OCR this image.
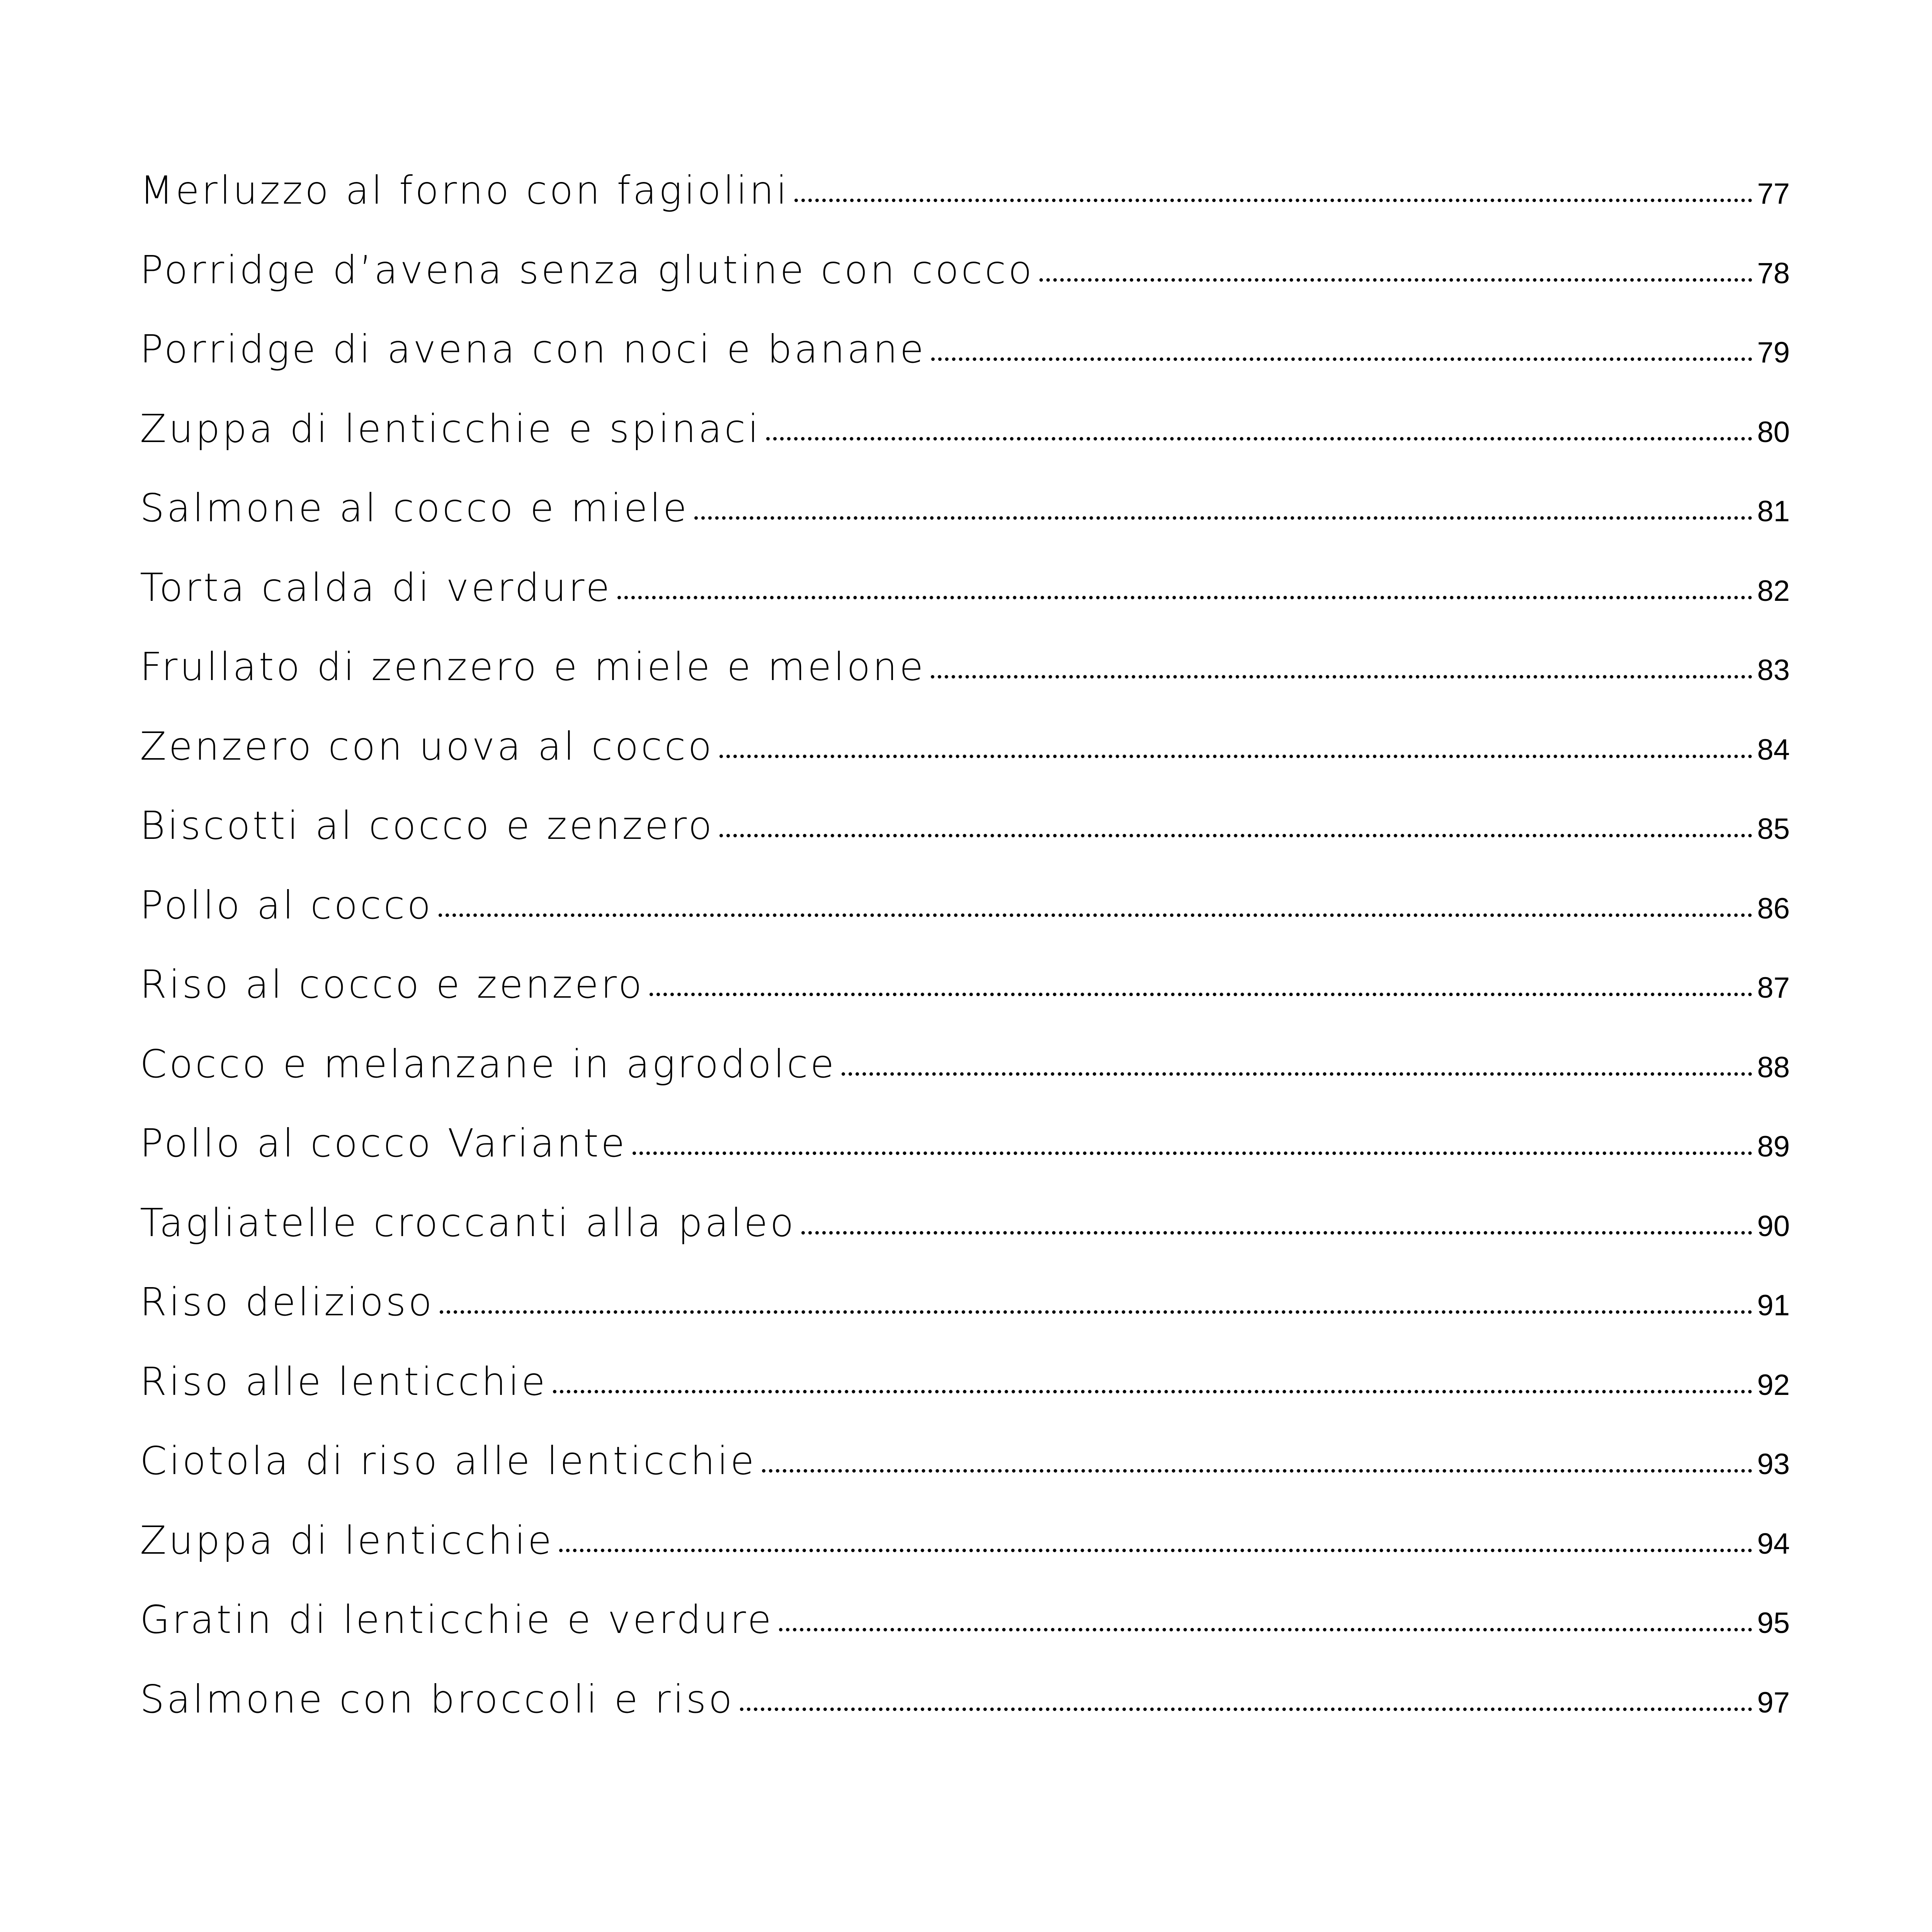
Merluzzo al forno con fagiolini	77
Porridge d’avena senza glutine con cocco	78
Porridge di avena con noci e banane	79
Zuppa di lenticchie e spinaci	80
Salmone al cocco e miele	81
Torta calda di verdure	82
Frullato di zenzero e miele e melone	83
Zenzero con uova al cocco	84
Biscotti al cocco e zenzero	85
Pollo al cocco	86
Riso al cocco e zenzero	87
Cocco e melanzane in agrodolce	88
Pollo al cocco Variante	89
Tagliatelle croccanti alla paleo	90
Riso delizioso	91
Riso alle lenticchie	92
Ciotola di riso alle lenticchie	93
Zuppa di lenticchie	94
Gratin di lenticchie e verdure	95
Salmone con broccoli e riso	97
